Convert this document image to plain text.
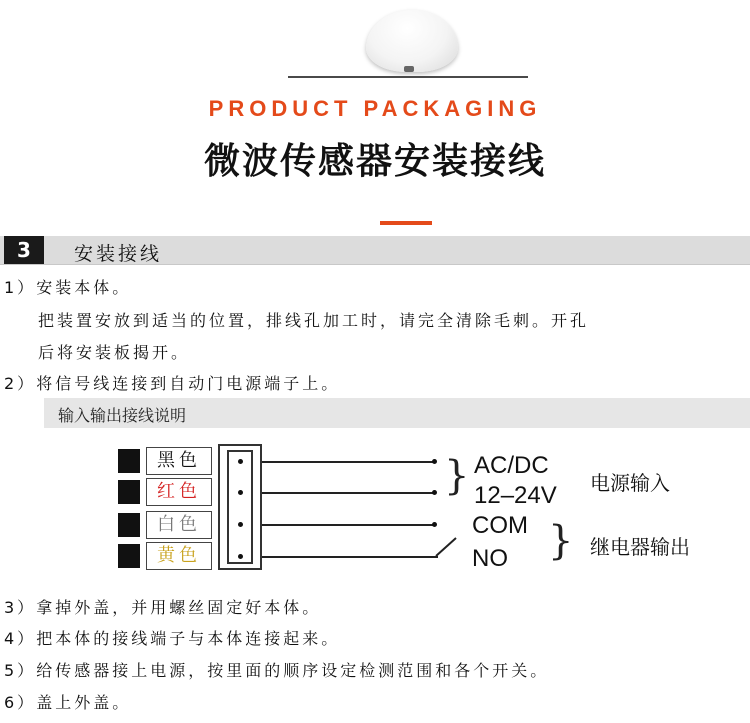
PRODUCT PACKAGING
微波传感器安装接线
3	安装接线
1）安装本体。
把装置安放到适当的位置，排线孔加工时，请完全清除毛刺。开孔
后将安装板揭开。
2）将信号线连接到自动门电源端子上。
输入输出接线说明
黑色
红色
白色
黄色
} AC/DC
12–24V 电源输入
COM
NO } 继电器输出
3）拿掉外盖，并用螺丝固定好本体。
4）把本体的接线端子与本体连接起来。
5）给传感器接上电源，按里面的顺序设定检测范围和各个开关。
6）盖上外盖。
